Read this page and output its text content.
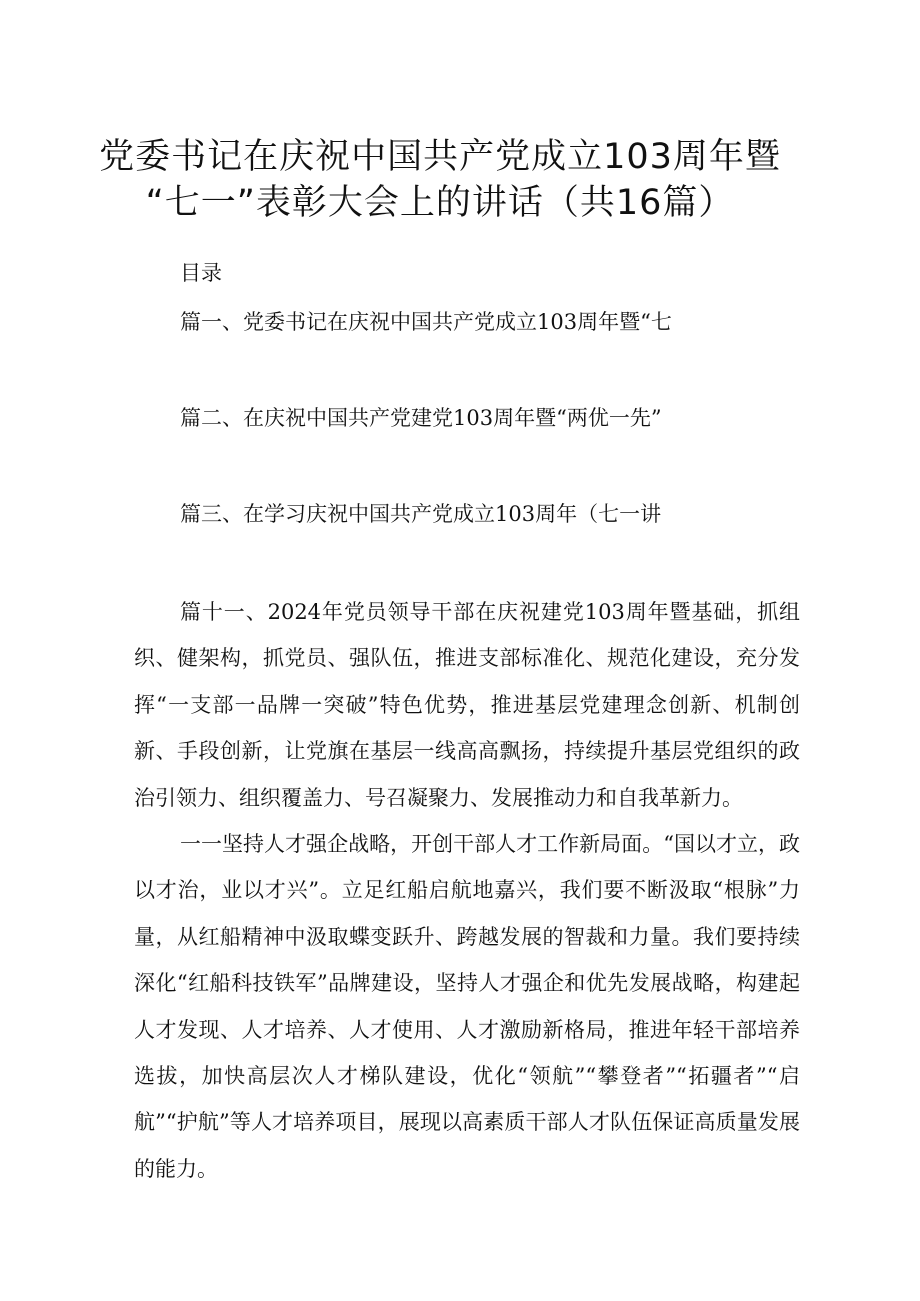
党委书记在庆祝中国共产党成立103周年暨
“七一”表彰大会上的讲话（共16篇）
目录
篇一、党委书记在庆祝中国共产党成立103周年暨“七
篇二、在庆祝中国共产党建党103周年暨“两优一先”
篇三、在学习庆祝中国共产党成立103周年（七一讲

篇十一、2024年党员领导干部在庆祝建党103周年暨基础，抓组织、健架构，抓党员、强队伍，推进支部标准化、规范化建设，充分发挥“一支部一品牌一突破”特色优势，推进基层党建理念创新、机制创新、手段创新，让党旗在基层一线高高飘扬，持续提升基层党组织的政治引领力、组织覆盖力、号召凝聚力、发展推动力和自我革新力。

一一坚持人才强企战略，开创干部人才工作新局面。“国以才立，政以才治，业以才兴”。立足红船启航地嘉兴，我们要不断汲取“根脉”力量，从红船精神中汲取蝶变跃升、跨越发展的智裁和力量。我们要持续深化“红船科技铁军”品牌建设，坚持人才强企和优先发展战略，构建起人才发现、人才培养、人才使用、人才激励新格局，推进年轻干部培养选拔，加快高层次人才梯队建设，优化“领航”“攀登者”“拓疆者”“启航”“护航”等人才培养项目，展现以高素质干部人才队伍保证高质量发展的能力。
